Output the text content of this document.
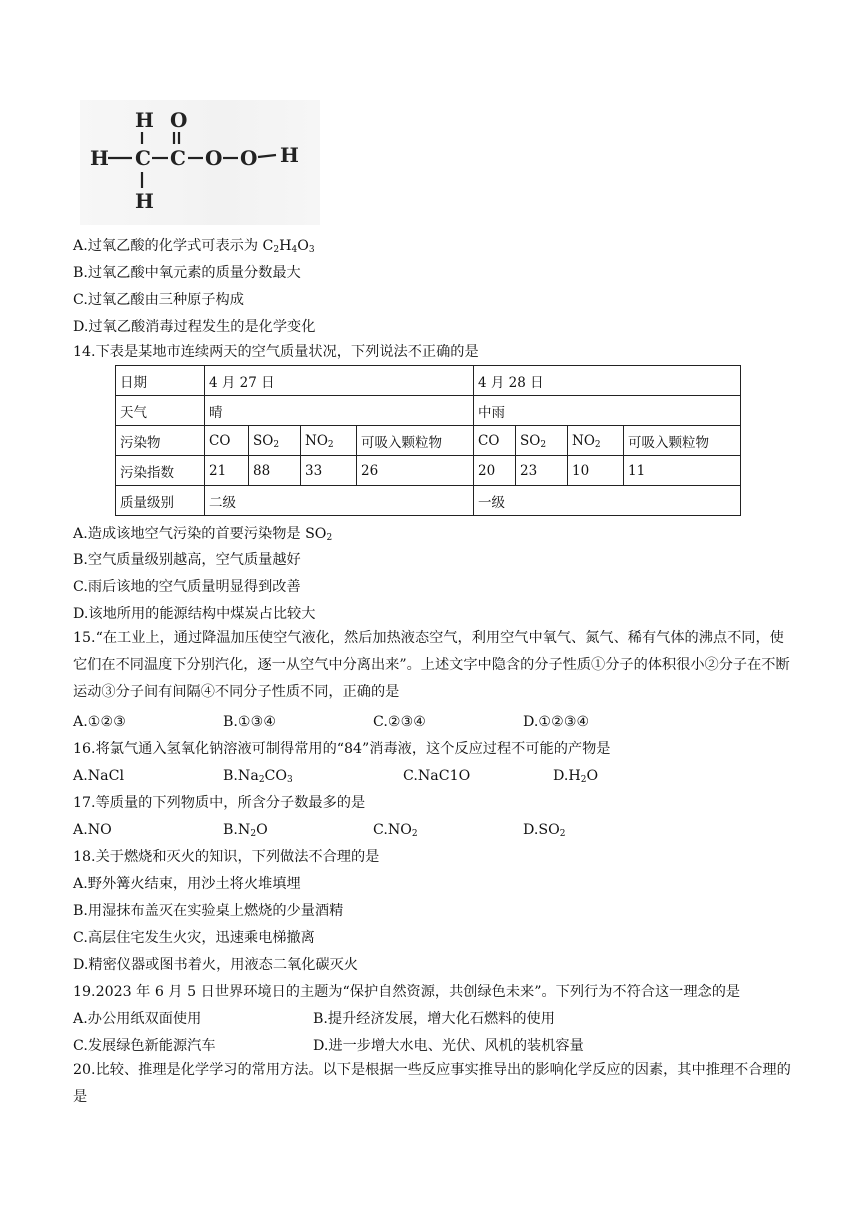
H O
H C C O O H
H
A.过氧乙酸的化学式可表示为 $C_2H_4O_3$
B.过氧乙酸中氧元素的质量分数最大
C.过氧乙酸由三种原子构成
D.过氧乙酸消毒过程发生的是化学变化
14.下表是某地市连续两天的空气质量状况，下列说法不正确的是
日期	4 月 27 日				4 月 28 日			
天气	晴				中雨			
污染物	CO	$SO_2$	$NO_2$	可吸入颗粒物	CO	$SO_2$	$NO_2$	可吸入颗粒物
污染指数	21	88	33	26	20	23	10	11
质量级别	二级				一级			
A.造成该地空气污染的首要污染物是 $SO_2$
B.空气质量级别越高，空气质量越好
C.雨后该地的空气质量明显得到改善
D.该地所用的能源结构中煤炭占比较大
15.“在工业上，通过降温加压使空气液化，然后加热液态空气，利用空气中氧气、氮气、稀有气体的沸点不同，使它们在不同温度下分别汽化，逐一从空气中分离出来”。上述文字中隐含的分子性质①分子的体积很小②分子在不断运动③分子间有间隔④不同分子性质不同，正确的是
A.①②③	B.①③④	C.②③④	D.①②③④
16.将氯气通入氢氧化钠溶液可制得常用的“84”消毒液，这个反应过程不可能的产物是
A.NaCl	$B.Na_2CO_3$	C.NaC1O	$D.H_2O$
17.等质量的下列物质中，所含分子数最多的是
A.NO	$B.N_2O$	$C.NO_2$	$D.SO_2$
18.关于燃烧和灭火的知识，下列做法不合理的是
A.野外篝火结束，用沙土将火堆填埋
B.用湿抹布盖灭在实验桌上燃烧的少量酒精
C.高层住宅发生火灾，迅速乘电梯撤离
D.精密仪器或图书着火，用液态二氧化碳灭火
19.2023 年 6 月 5 日世界环境日的主题为“保护自然资源，共创绿色未来”。下列行为不符合这一理念的是
A.办公用纸双面使用	B.提升经济发展，增大化石燃料的使用
C.发展绿色新能源汽车	D.进一步增大水电、光伏、风机的装机容量
20.比较、推理是化学学习的常用方法。以下是根据一些反应事实推导出的影响化学反应的因素，其中推理不合理的是
